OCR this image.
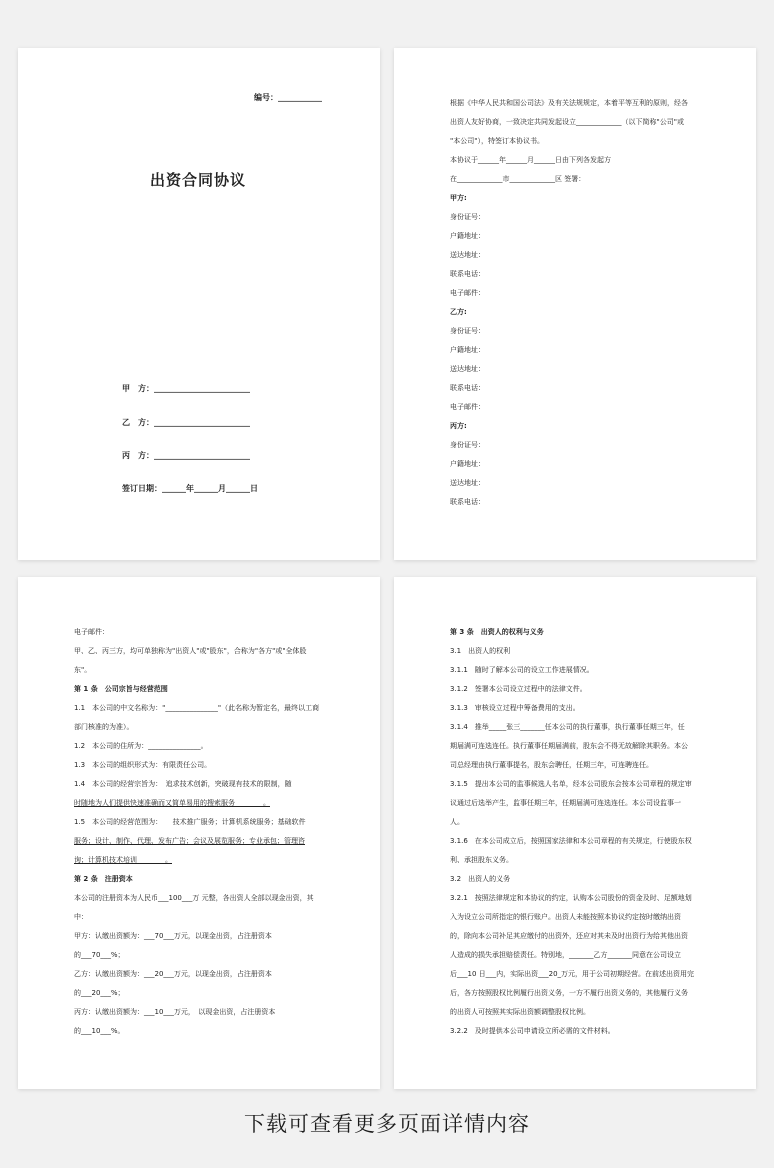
编号：___________
出资合同协议
甲　方：________________________
乙　方：________________________
丙　方：________________________
签订日期：______年______月______日
根据《中华人民共和国公司法》及有关法规规定，本着平等互利的原则，经各
出资人友好协商，一致决定共同发起设立_____________（以下简称"公司"或
"本公司"），特签订本协议书。
本协议于______年______月______日由下列各发起方
在_____________市_____________区 签署：
甲方:
身份证号：
户籍地址：
送达地址：
联系电话：
电子邮件：
乙方:
身份证号：
户籍地址：
送达地址：
联系电话：
电子邮件：
丙方:
身份证号：
户籍地址：
送达地址：
联系电话：
电子邮件：
甲、乙、丙三方，均可单独称为"出资人"或"股东"，合称为"各方"或"全体股
东"。
第 1 条　公司宗旨与经营范围
1.1　本公司的中文名称为："_______________"（此名称为暂定名，最终以工商
部门核准的为准）。
1.2　本公司的住所为：_______________。
1.3　本公司的组织形式为：有限责任公司。
1.4　本公司的经营宗旨为：　追求技术创新，突破现有技术的限制，随
时随地为人们提供快速准确而又简单易用的搜索服务　　　　。
1.5　本公司的经营范围为：　　技术推广服务；计算机系统服务；基础软件
服务；设计、制作、代理、发布广告；会议及展览服务；专业承包；管理咨
询；计算机技术培训　　　　。
第 2 条　注册资本
本公司的注册资本为人民币___100___万 元整，各出资人全部以现金出资，其
中：
甲方：认缴出资额为：___70___万元，以现金出资，占注册资本
的___70___%；
乙方：认缴出资额为：___20___万元，以现金出资，占注册资本
的___20___%；
丙方：认缴出资额为：___10___万元，　以现金出资，占注册资本
的___10___%。
第 3 条　出资人的权利与义务
3.1　出资人的权利
3.1.1　随时了解本公司的设立工作进展情况。
3.1.2　签署本公司设立过程中的法律文件。
3.1.3　审核设立过程中筹备费用的支出。
3.1.4　推举_____张三_______任本公司的执行董事，执行董事任期三年，任
期届满可连选连任。执行董事任期届满前，股东会不得无故解除其职务。本公
司总经理由执行董事提名，股东会聘任，任期三年，可连聘连任。
3.1.5　提出本公司的监事候选人名单，经本公司股东会按本公司章程的规定审
议通过后选举产生，监事任期三年，任期届满可连选连任。本公司设监事一
人。
3.1.6　在本公司成立后，按照国家法律和本公司章程的有关规定，行使股东权
利、承担股东义务。
3.2　出资人的义务
3.2.1　按照法律规定和本协议的约定，认购本公司股份的资金及时、足额地划
入为设立公司所指定的银行账户。出资人未能按照本协议约定按时缴纳出资
的，除向本公司补足其应缴付的出资外，还应对其未及时出资行为给其他出资
人造成的损失承担赔偿责任。特别地，_______乙方_______同意在公司设立
后___10 日___内，实际出资___20_万元，用于公司初期经营。在前述出资用完
后，各方按照股权比例履行出资义务，一方不履行出资义务的，其他履行义务
的出资人可按照其实际出资额调整股权比例。
3.2.2　及时提供本公司申请设立所必需的文件材料。
下载可查看更多页面详情内容
